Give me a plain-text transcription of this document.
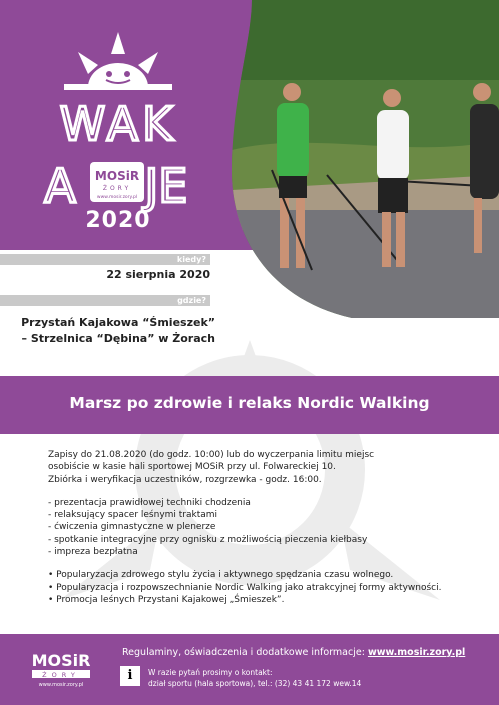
WAK
A JE
MOSiR
ŻORY
www.mosir.zory.pl
2020
kiedy?
22 sierpnia 2020
gdzie?
Przystań Kajakowa “Śmieszek”
– Strzelnica “Dębina” w Żorach
Marsz po zdrowie i relaks Nordic Walking

Zapisy do 21.08.2020 (do godz. 10:00) lub do wyczerpania limitu miejsc

osobiście w kasie hali sportowej MOSiR przy ul. Folwareckiej 10.

Zbiórka i weryfikacja uczestników, rozgrzewka - godz. 16:00.

- prezentacja prawidłowej techniki chodzenia

- relaksujący spacer leśnymi traktami

- ćwiczenia gimnastyczne w plenerze

- spotkanie integracyjne przy ognisku z możliwością pieczenia kiełbasy

- impreza bezpłatna

• Popularyzacja zdrowego stylu życia i aktywnego spędzania czasu wolnego.

• Popularyzacja i rozpowszechnianie Nordic Walking jako atrakcyjnej formy aktywności.

• Promocja leśnych Przystani Kajakowej „Śmieszek”.

MOSiR
ŻORY
www.mosir.zory.pl
Regulaminy, oświadczenia i dodatkowe informacje: www.mosir.zory.pl
i	W razie pytań prosimy o kontakt:
dział sportu (hala sportowa), tel.: (32) 43 41 172 wew.14
